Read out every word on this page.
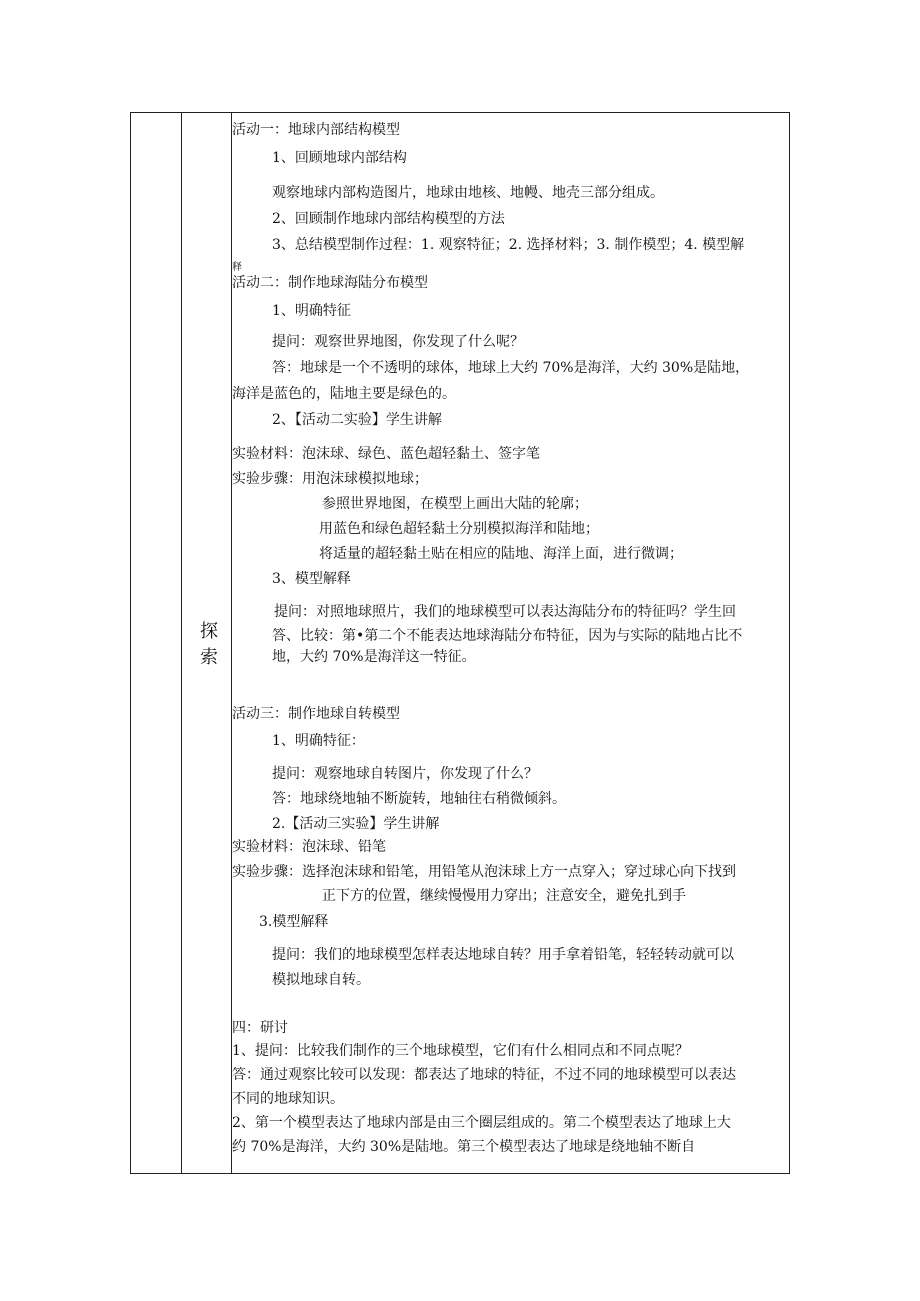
探
索
活动一：地球内部结构模型
1、回顾地球内部结构
观察地球内部构造图片，地球由地核、地幔、地壳三部分组成。
2、回顾制作地球内部结构模型的方法
3、总结模型制作过程：1. 观察特征；2. 选择材料；3. 制作模型；4. 模型解
释
活动二：制作地球海陆分布模型
1、明确特征
提问：观察世界地图，你发现了什么呢？
答：地球是一个不透明的球体，地球上大约 70%是海洋，大约 30%是陆地，
海洋是蓝色的，陆地主要是绿色的。
2、【活动二实验】学生讲解
实验材料：泡沫球、绿色、蓝色超轻黏土、签字笔
实验步骤：用泡沫球模拟地球；
参照世界地图，在模型上画出大陆的轮廓；
用蓝色和绿色超轻黏土分别模拟海洋和陆地；
将适量的超轻黏土贴在相应的陆地、海洋上面，进行微调；
3、模型解释
提问：对照地球照片，我们的地球模型可以表达海陆分布的特征吗？学生回
答、比较：第•第二个不能表达地球海陆分布特征，因为与实际的陆地占比不
地，大约 70%是海洋这一特征。
活动三：制作地球自转模型
1、明确特征：
提问：观察地球自转图片，你发现了什么？
答：地球绕地轴不断旋转，地轴往右稍微倾斜。
2.【活动三实验】学生讲解
实验材料：泡沫球、铅笔
实验步骤：选择泡沫球和铅笔，用铅笔从泡沫球上方一点穿入；穿过球心向下找到
正下方的位置，继续慢慢用力穿出；注意安全，避免扎到手
3.模型解释
提问：我们的地球模型怎样表达地球自转？用手拿着铅笔，轻轻转动就可以
模拟地球自转。
四：研讨
1、提问：比较我们制作的三个地球模型，它们有什么相同点和不同点呢？
答：通过观察比较可以发现：都表达了地球的特征，不过不同的地球模型可以表达
不同的地球知识。
2、第一个模型表达了地球内部是由三个圈层组成的。第二个模型表达了地球上大
约 70%是海洋，大约 30%是陆地。第三个模型表达了地球是绕地轴不断自
